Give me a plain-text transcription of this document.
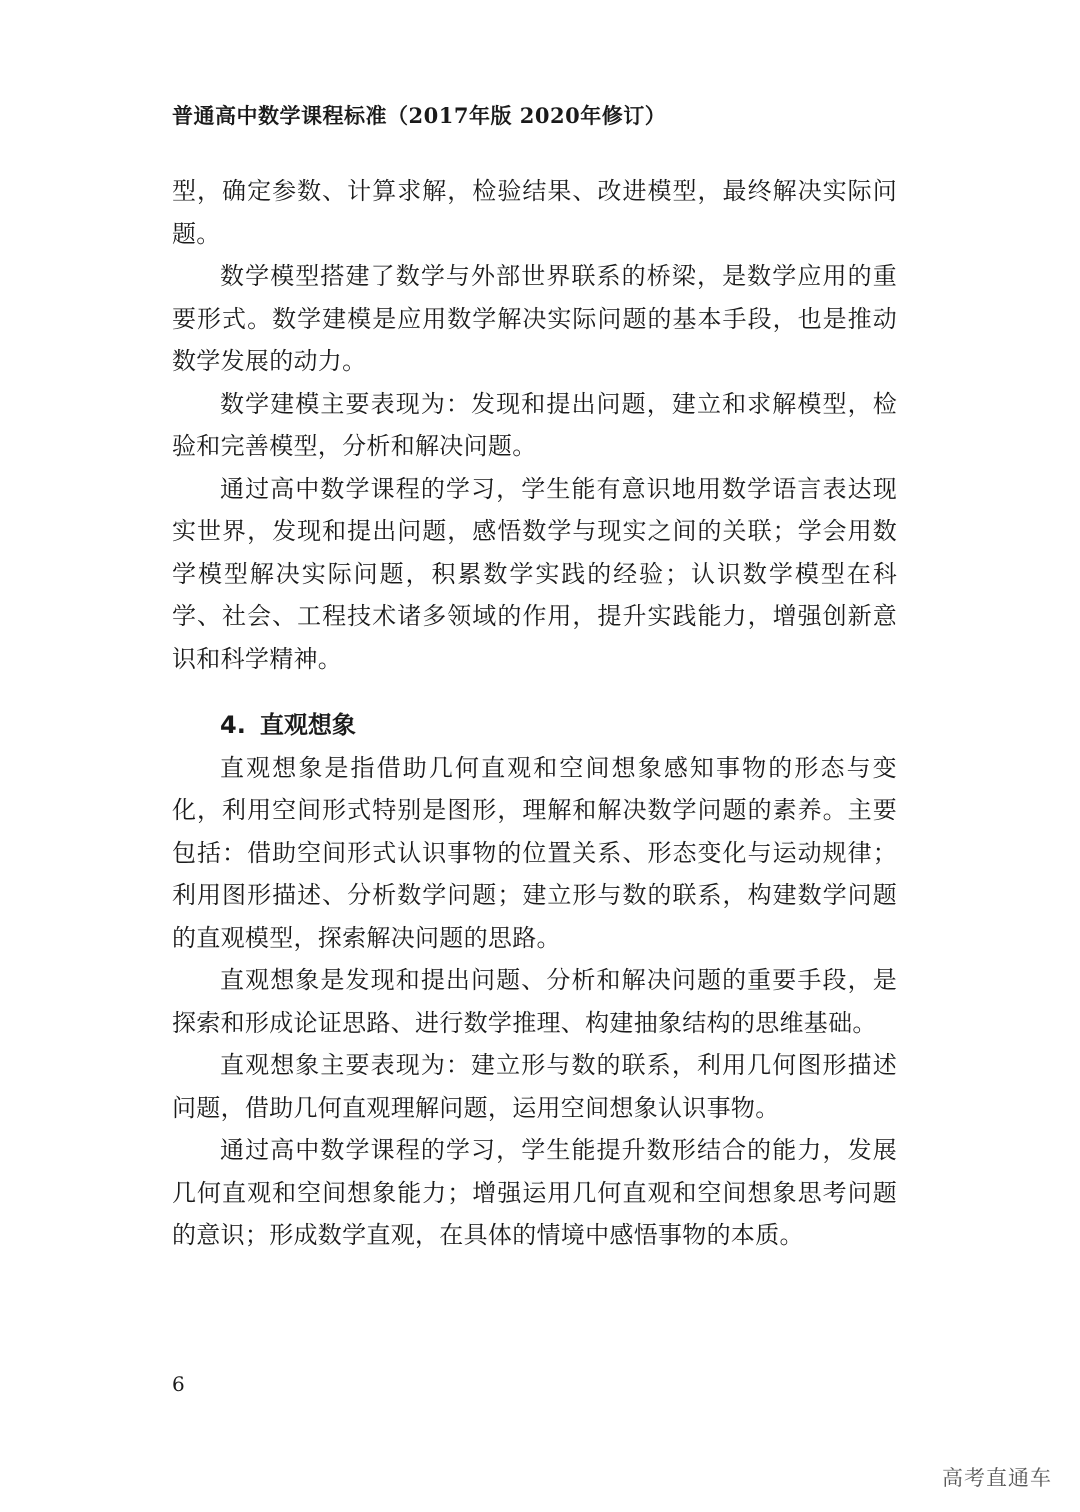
普通高中数学课程标准（2017年版 2020年修订）

型，确定参数、计算求解，检验结果、改进模型，最终解决实际问题。

数学模型搭建了数学与外部世界联系的桥梁，是数学应用的重要形式。数学建模是应用数学解决实际问题的基本手段，也是推动数学发展的动力。

数学建模主要表现为：发现和提出问题，建立和求解模型，检验和完善模型，分析和解决问题。

通过高中数学课程的学习，学生能有意识地用数学语言表达现实世界，发现和提出问题，感悟数学与现实之间的关联；学会用数学模型解决实际问题，积累数学实践的经验；认识数学模型在科学、社会、工程技术诸多领域的作用，提升实践能力，增强创新意识和科学精神。

4. 直观想象

直观想象是指借助几何直观和空间想象感知事物的形态与变化，利用空间形式特别是图形，理解和解决数学问题的素养。主要包括：借助空间形式认识事物的位置关系、形态变化与运动规律；利用图形描述、分析数学问题；建立形与数的联系，构建数学问题的直观模型，探索解决问题的思路。

直观想象是发现和提出问题、分析和解决问题的重要手段，是探索和形成论证思路、进行数学推理、构建抽象结构的思维基础。

直观想象主要表现为：建立形与数的联系，利用几何图形描述问题，借助几何直观理解问题，运用空间想象认识事物。

通过高中数学课程的学习，学生能提升数形结合的能力，发展几何直观和空间想象能力；增强运用几何直观和空间想象思考问题的意识；形成数学直观，在具体的情境中感悟事物的本质。

6
高考直通车
